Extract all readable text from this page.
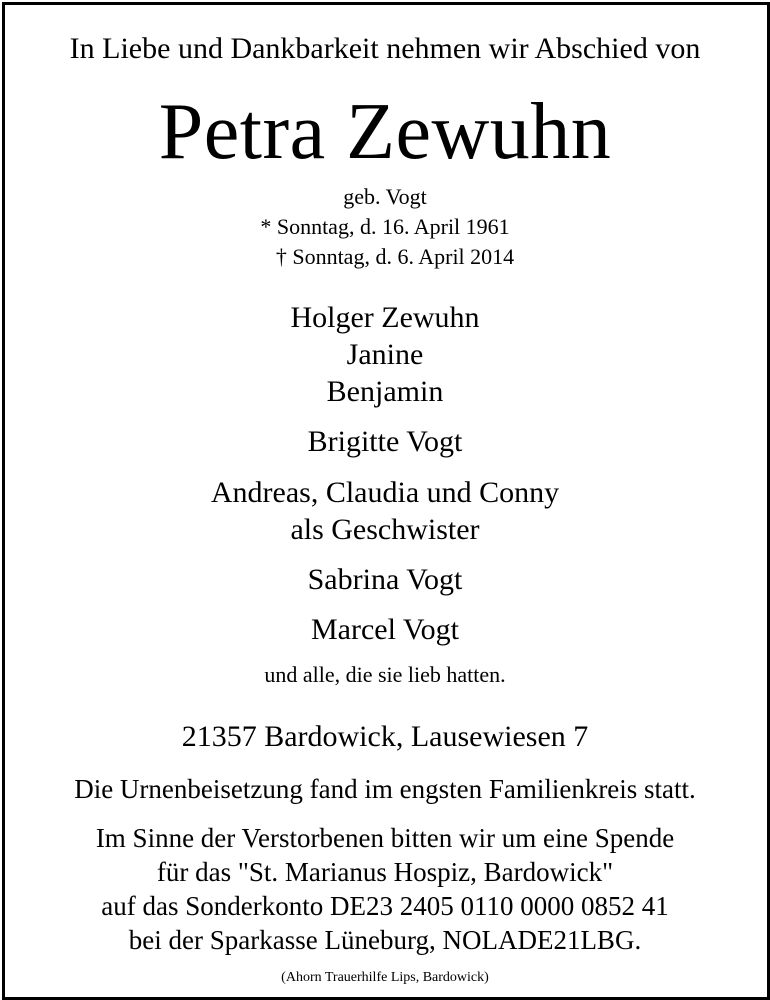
In Liebe und Dankbarkeit nehmen wir Abschied von
Petra Zewuhn
geb. Vogt
* Sonntag, d. 16. April 1961
† Sonntag, d. 6. April 2014
Holger Zewuhn
Janine
Benjamin
Brigitte Vogt
Andreas, Claudia und Conny
als Geschwister
Sabrina Vogt
Marcel Vogt
und alle, die sie lieb hatten.
21357 Bardowick, Lausewiesen 7
Die Urnenbeisetzung fand im engsten Familienkreis statt.
Im Sinne der Verstorbenen bitten wir um eine Spende
für das "St. Marianus Hospiz, Bardowick"
auf das Sonderkonto DE23 2405 0110 0000 0852 41
bei der Sparkasse Lüneburg, NOLADE21LBG.
(Ahorn Trauerhilfe Lips, Bardowick)
